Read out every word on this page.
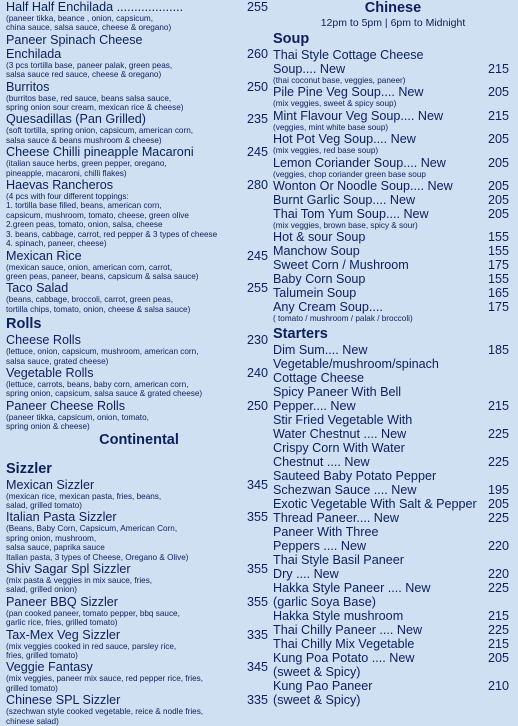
Half Half Enchilada ...................	255
(paneer tikka, beance , onion, capsicum,
china sauce, salsa sauce, cheese & oregano)
Paneer Spinach Cheese
Enchilada	260
(3 pcs tortilla base, paneer palak, green peas,
salsa sauce red sauce, cheese & oregano)
Burritos	250
(burritos base, red sauce, beans salsa sauce,
spring onion sour cream, mexican rice & cheese)
Quesadillas (Pan Grilled)	235
(soft tortilla, spring onion, capsicum, american corn,
salsa sauce & beans mushroom & cheese)
Cheese Chilli pineapple Macaroni	245
(italian sauce herbs, green pepper, oregano,
pineapple, macaroni, chilli flakes)
Haevas Rancheros	280
(4 pcs with four different toppings:
1. tortilla base filled, beans, american corn,
capsicum, mushroom, tomato, cheese, green olive
2.green peas, tomato, onion, salsa, cheese
3. beans, cabbage, carrot, red pepper & 3 types of cheese
4. spinach, paneer, cheese)
Mexican Rice	245
(mexican sauce, onion, american corn, carrot,
green peas, paneer, beans, capsicum & salsa sauce)
Taco Salad	255
(beans, cabbage, broccoli, carrot, green peas,
tortilla chips, tomato, onion, cheese & salsa sauce)
Rolls
Cheese Rolls	230
(lettuce, onion, capsicum, mushroom, american corn,
salsa sauce, grated cheese)
Vegetable Rolls	240
(lettuce, carrots, beans, baby corn, american corn,
spring onion, capsicum, salsa sauce & grated cheese)
Paneer Cheese Rolls	250
(paneer tikka, capsicum, onion, tomato,
spring onion & cheese)
Continental
Sizzler
Mexican Sizzler	345
(mexican rice, mexican pasta, fries, beans,
salad, grilled tomato)
Italian Pasta Sizzler	355
(Beans, Baby Corn, Capsicum, American Corn,
spring onion, mushroom,
salsa sauce, paprika sauce
Italian pasta, 3 types of Cheese, Oregano & Olive)
Shiv Sagar Spl Sizzler	355
(mix pasta & veggies in mix sauce, fries,
salad, grilled onion)
Paneer BBQ Sizzler	355
(pan cooked paneer, tomato pepper, bbq sauce,
garlic rice, fries, grilled tomato)
Tax-Mex Veg Sizzler	335
(mix veggies cooked in red sauce, parsley rice,
fries, grilled tomato)
Veggie Fantasy	345
(mix veggies, paneer mix sauce, red pepper rice, fries,
grilled tomato)
Chinese SPL Sizzler	335
(szechwan style cooked vegetable, reice & nodle fries,
chinese salad)
Chinese
12pm to 5pm | 6pm to Midnight
Soup
Thai Style Cottage Cheese
Soup.... New	215
(thai coconut base, veggies, paneer)
Pile Pine Veg Soup.... New	205
(mix veggies, sweet & spicy soup)
Mint Flavour Veg Soup.... New	215
(veggies, mint white base soup)
Hot Pot Veg Soup.... New	205
(mix veggies, red base soup)
Lemon Coriander Soup.... New	205
(veggies, chop coriander green base soup
Wonton Or Noodle Soup.... New	205
Burnt Garlic Soup.... New	205
Thai Tom Yum Soup.... New	205
(mix veggies, brown base, spicy & sour)
Hot & sour Soup	155
Manchow Soup	155
Sweet Corn / Mushroom	175
Baby Corn Soup	155
Talumein Soup	165
Any Cream Soup....	175
( tomato / mushroom / palak / broccoli)
Starters
Dim Sum.... New	185
Vegetable/mushroom/spinach
Cottage Cheese
Spicy Paneer With Bell
Pepper.... New	215
Stir Fried Vegetable With
Water Chestnut .... New	225
Crispy Corn With Water
Chestnut .... New	225
Sauteed Baby Potato Pepper
Schezwan Sauce .... New	195
Exotic Vegetable With Salt & Pepper 205
Thread Paneer.... New	225
Paneer With Three
Peppers .... New	220
Thai Style Basil Paneer
Dry .... New	220
Hakka Style Paneer .... New	225
(garlic Soya Base)
Hakka Style mushroom	215
Thai Chilly Paneer .... New	225
Thai Chilly Mix Vegetable	215
Kung Poa Potato .... New	205
(sweet & Spicy)
Kung Pao Paneer	210
(sweet & Spicy)
